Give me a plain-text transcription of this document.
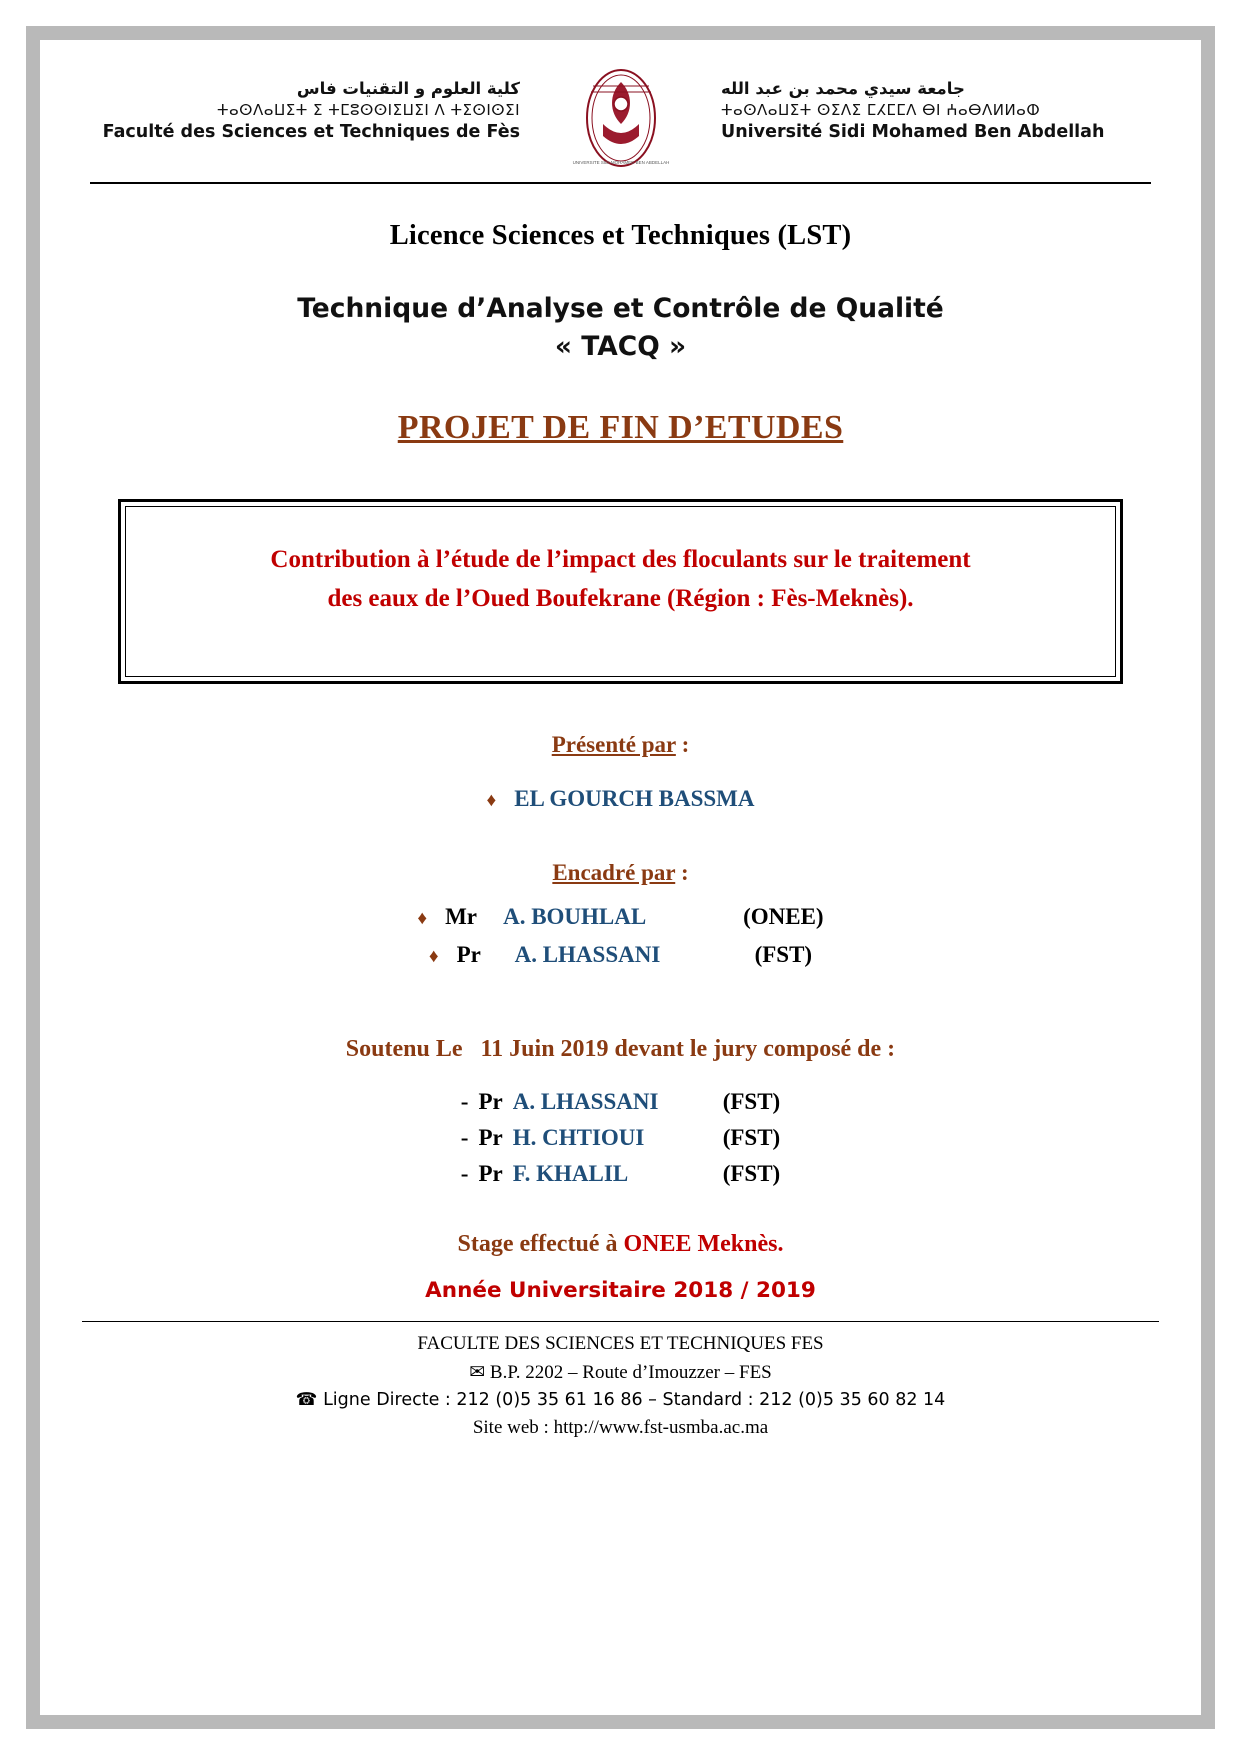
كلية العلوم و التقنيات فاس
ⵜⴰⵙⴷⴰⵡⵉⵜ ⵉ ⵜⵎⵓⵙⵙⵏⵉⵡⵉⵏ ⴷ ⵜⵉⵙⵏⵙⵉⵏ
Faculté des Sciences et Techniques de Fès
UNIVERSITE SIDI MOHAMED BEN ABDELLAH
جامعة سيدي محمد بن عبد الله
ⵜⴰⵙⴷⴰⵡⵉⵜ ⵙⵉⴷⵉ ⵎⵃⵎⵎⴷ ⴱⵏ ⵄⴰⴱⴷⵍⵍⴰⵀ
Université Sidi Mohamed Ben Abdellah
Licence Sciences et Techniques (LST)
Technique d’Analyse et Contrôle de Qualité
« TACQ »
PROJET DE FIN D’ETUDES
Contribution à l’étude de l’impact des floculants sur le traitement
des eaux de l’Oued Boufekrane (Région : Fès-Meknès).
Présenté par :
♦ EL GOURCH BASSMA
Encadré par :
♦ Mr	A. BOUHLAL	(ONEE)
♦ Pr	A. LHASSANI	(FST)
Soutenu Le 11 Juin 2019 devant le jury composé de :
- Pr A. LHASSANI	(FST)
- Pr H. CHTIOUI	(FST)
- Pr F. KHALIL	(FST)
Stage effectué à ONEE Meknès.
Année Universitaire 2018 / 2019
FACULTE DES SCIENCES ET TECHNIQUES FES
✉ B.P. 2202 – Route d’Imouzzer – FES
☎ Ligne Directe : 212 (0)5 35 61 16 86 – Standard : 212 (0)5 35 60 82 14
Site web : http://www.fst-usmba.ac.ma
